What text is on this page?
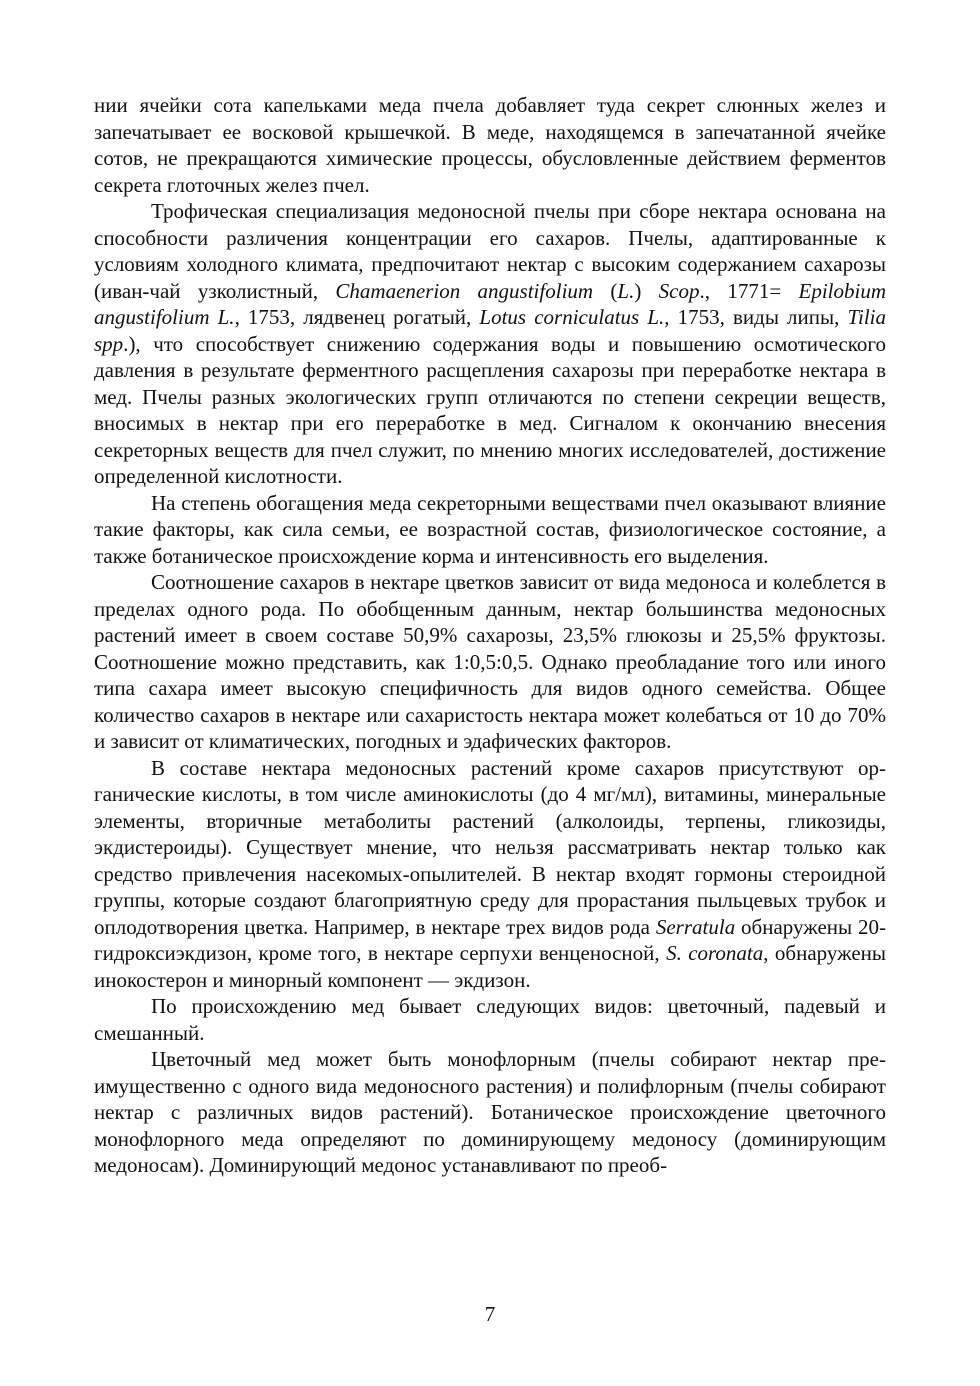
нии ячейки сота капельками меда пчела добавляет туда секрет слюнных желез и запечатывает ее восковой крышечкой. В меде, находящемся в запечатанной ячейке сотов, не прекращаются химические процессы, обусловленные действием ферментов секрета глоточных желез пчел.

Трофическая специализация медоносной пчелы при сборе нектара основана на способности различения концентрации его сахаров. Пчелы, адаптированные к условиям холодного климата, предпочитают нектар с высоким содержанием сахарозы (иван-чай узколистный, Chamaenerion angustifolium (L.) Scop., 1771= Epilobium angustifolium L., 1753, лядвенец рогатый, Lotus corniculatus L., 1753, виды липы, Tilia spp.), что способствует снижению содержания воды и повышению осмотического давления в результате ферментного расщепления сахарозы при переработке нектара в мед. Пчелы разных экологических групп отличаются по степени секреции веществ, вносимых в нектар при его переработке в мед. Сигналом к окончанию внесения секреторных веществ для пчел служит, по мнению многих исследователей, достижение определенной кислотности.

На степень обогащения меда секреторными веществами пчел оказывают влияние такие факторы, как сила семьи, ее возрастной состав, физиологическое состояние, а также ботаническое происхождение корма и интенсивность его выделения.

Соотношение сахаров в нектаре цветков зависит от вида медоноса и колеблется в пределах одного рода. По обобщенным данным, нектар большинства медоносных растений имеет в своем составе 50,9% сахарозы, 23,5% глюкозы и 25,5% фруктозы. Соотношение можно представить, как 1:0,5:0,5. Однако преобладание того или иного типа сахара имеет высокую специфичность для видов одного семейства. Общее количество сахаров в нектаре или сахаристость нектара может колебаться от 10 до 70% и зависит от климатических, погодных и эдафических факторов.

В составе нектара медоносных растений кроме сахаров присутствуют органические кислоты, в том числе аминокислоты (до 4 мг/мл), витамины, минеральные элементы, вторичные метаболиты растений (алколоиды, терпены, гликозиды, экдистероиды). Существует мнение, что нельзя рассматривать нектар только как средство привлечения насекомых-опылителей. В нектар входят гормоны стероидной группы, которые создают благоприятную среду для прорастания пыльцевых трубок и оплодотворения цветка. Например, в нектаре трех видов рода Serratula обнаружены 20-гидроксиэкдизон, кроме того, в нектаре серпухи венценосной, S. coronata, обнаружены инокостерон и минорный компонент — экдизон.

По происхождению мед бывает следующих видов: цветочный, падевый и смешанный.

Цветочный мед может быть монофлорным (пчелы собирают нектар преимущественно с одного вида медоносного растения) и полифлорным (пчелы собирают нектар с различных видов растений). Ботаническое происхождение цветочного монофлорного меда определяют по доминирующему медоносу (доминирующим медоносам). Доминирующий медонос устанавливают по преоб-

7
